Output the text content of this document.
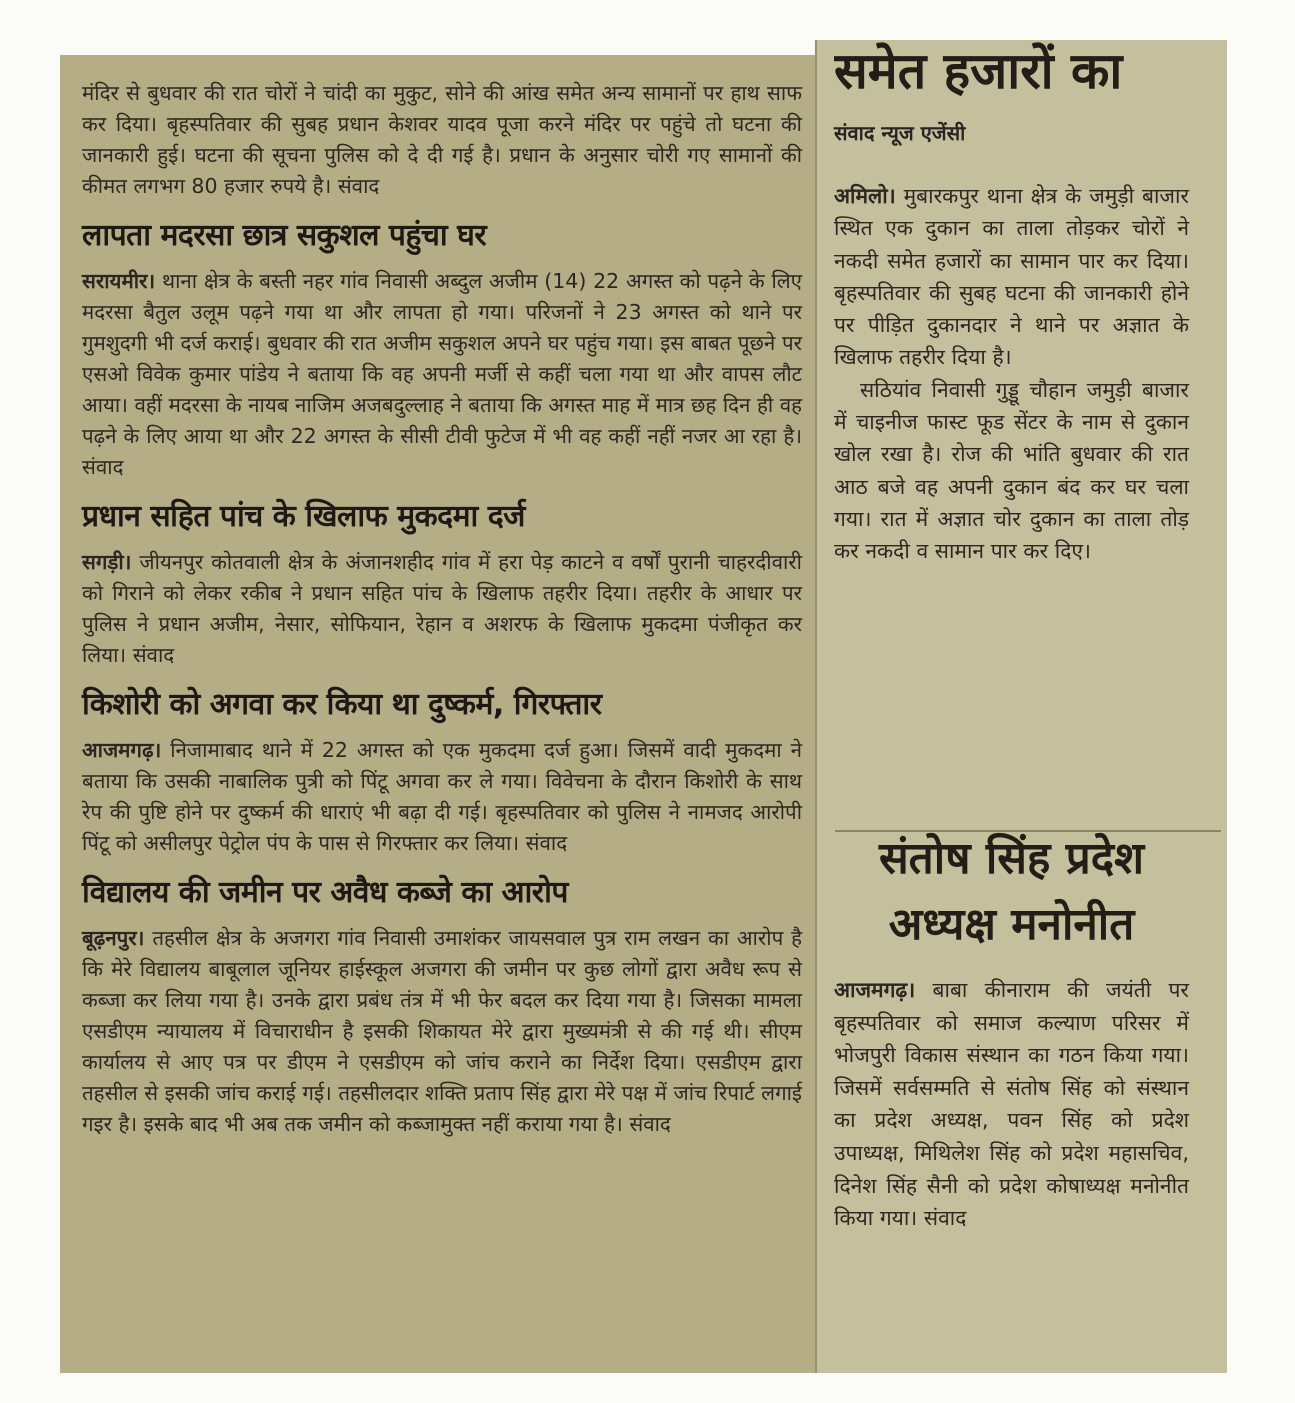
मंदिर से बुधवार की रात चोरों ने चांदी का मुकुट, सोने की आंख समेत अन्य सामानों पर हाथ साफ कर दिया। बृहस्पतिवार की सुबह प्रधान केशवर यादव पूजा करने मंदिर पर पहुंचे तो घटना की जानकारी हुई। घटना की सूचना पुलिस को दे दी गई है। प्रधान के अनुसार चोरी गए सामानों की कीमत लगभग 80 हजार रुपये है। संवाद

लापता मदरसा छात्र सकुशल पहुंचा घर

सरायमीर। थाना क्षेत्र के बस्ती नहर गांव निवासी अब्दुल अजीम (14) 22 अगस्त को पढ़ने के लिए मदरसा बैतुल उलूम पढ़ने गया था और लापता हो गया। परिजनों ने 23 अगस्त को थाने पर गुमशुदगी भी दर्ज कराई। बुधवार की रात अजीम सकुशल अपने घर पहुंच गया। इस बाबत पूछने पर एसओ विवेक कुमार पांडेय ने बताया कि वह अपनी मर्जी से कहीं चला गया था और वापस लौट आया। वहीं मदरसा के नायब नाजिम अजबदुल्लाह ने बताया कि अगस्त माह में मात्र छह दिन ही वह पढ़ने के लिए आया था और 22 अगस्त के सीसी टीवी फुटेज में भी वह कहीं नहीं नजर आ रहा है। संवाद

प्रधान सहित पांच के खिलाफ मुकदमा दर्ज

सगड़ी। जीयनपुर कोतवाली क्षेत्र के अंजानशहीद गांव में हरा पेड़ काटने व वर्षों पुरानी चाहरदीवारी को गिराने को लेकर रकीब ने प्रधान सहित पांच के खिलाफ तहरीर दिया। तहरीर के आधार पर पुलिस ने प्रधान अजीम, नेसार, सोफियान, रेहान व अशरफ के खिलाफ मुकदमा पंजीकृत कर लिया। संवाद

किशोरी को अगवा कर किया था दुष्कर्म, गिरफ्तार

आजमगढ़। निजामाबाद थाने में 22 अगस्त को एक मुकदमा दर्ज हुआ। जिसमें वादी मुकदमा ने बताया कि उसकी नाबालिक पुत्री को पिंटू अगवा कर ले गया। विवेचना के दौरान किशोरी के साथ रेप की पुष्टि होने पर दुष्कर्म की धाराएं भी बढ़ा दी गई। बृहस्पतिवार को पुलिस ने नामजद आरोपी पिंटू को असीलपुर पेट्रोल पंप के पास से गिरफ्तार कर लिया। संवाद

विद्यालय की जमीन पर अवैध कब्जे का आरोप

बूढ़नपुर। तहसील क्षेत्र के अजगरा गांव निवासी उमाशंकर जायसवाल पुत्र राम लखन का आरोप है कि मेरे विद्यालय बाबूलाल जूनियर हाईस्कूल अजगरा की जमीन पर कुछ लोगों द्वारा अवैध रूप से कब्जा कर लिया गया है। उनके द्वारा प्रबंध तंत्र में भी फेर बदल कर दिया गया है। जिसका मामला एसडीएम न्यायालय में विचाराधीन है इसकी शिकायत मेरे द्वारा मुख्यमंत्री से की गई थी। सीएम कार्यालय से आए पत्र पर डीएम ने एसडीएम को जांच कराने का निर्देश दिया। एसडीएम द्वारा तहसील से इसकी जांच कराई गई। तहसीलदार शक्ति प्रताप सिंह द्वारा मेरे पक्ष में जांच रिपार्ट लगाई गइर है। इसके बाद भी अब तक जमीन को कब्जामुक्त नहीं कराया गया है। संवाद

समेत हजारों का
संवाद न्यूज एजेंसी

अमिलो। मुबारकपुर थाना क्षेत्र के जमुड़ी बाजार स्थित एक दुकान का ताला तोड़कर चोरों ने नकदी समेत हजारों का सामान पार कर दिया। बृहस्पतिवार की सुबह घटना की जानकारी होने पर पीड़ित दुकानदार ने थाने पर अज्ञात के खिलाफ तहरीर दिया है।

सठियांव निवासी गुड्डू चौहान जमुड़ी बाजार में चाइनीज फास्ट फूड सेंटर के नाम से दुकान खोल रखा है। रोज की भांति बुधवार की रात आठ बजे वह अपनी दुकान बंद कर घर चला गया। रात में अज्ञात चोर दुकान का ताला तोड़ कर नकदी व सामान पार कर दिए।

संतोष सिंह प्रदेश
अध्यक्ष मनोनीत

आजमगढ़। बाबा कीनाराम की जयंती पर बृहस्पतिवार को समाज कल्याण परिसर में भोजपुरी विकास संस्थान का गठन किया गया। जिसमें सर्वसम्मति से संतोष सिंह को संस्थान का प्रदेश अध्यक्ष, पवन सिंह को प्रदेश उपाध्यक्ष, मिथिलेश सिंह को प्रदेश महासचिव, दिनेश सिंह सैनी को प्रदेश कोषाध्यक्ष मनोनीत किया गया। संवाद
